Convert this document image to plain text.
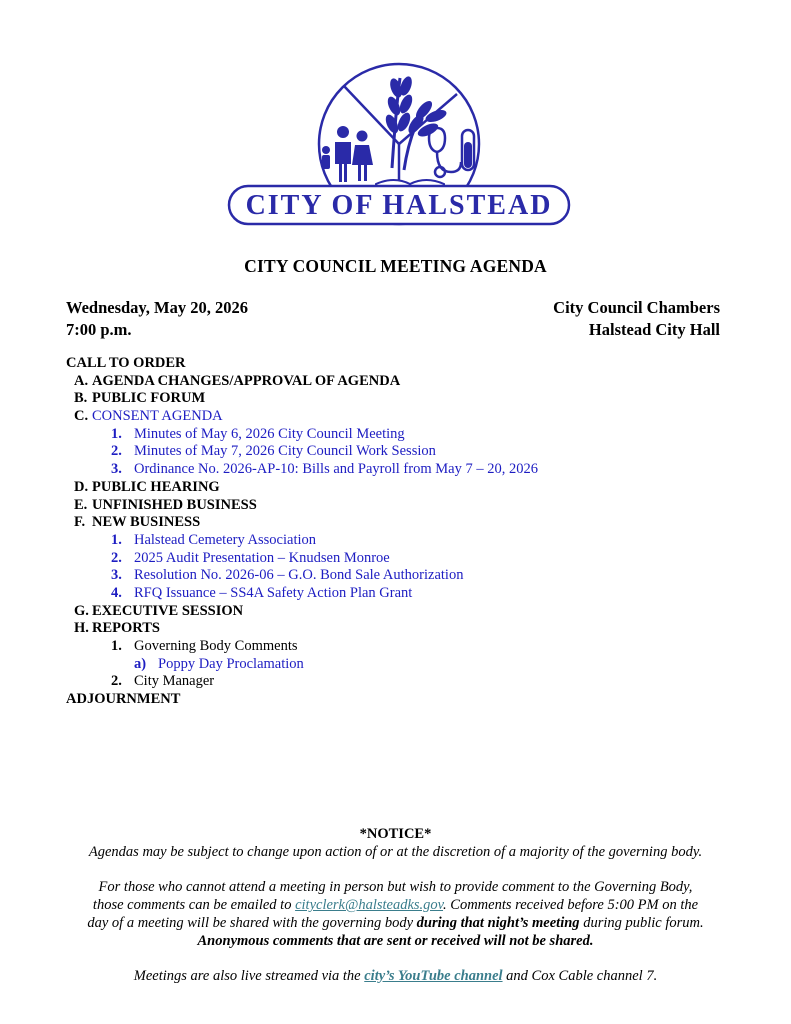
CITY OF HALSTEAD
CITY COUNCIL MEETING AGENDA
Wednesday, May 20, 2026
7:00 p.m.
City Council Chambers
Halstead City Hall
CALL TO ORDER
A. AGENDA CHANGES/APPROVAL OF AGENDA
B. PUBLIC FORUM
C. CONSENT AGENDA
1. Minutes of May 6, 2026 City Council Meeting
2. Minutes of May 7, 2026 City Council Work Session
3. Ordinance No. 2026-AP-10: Bills and Payroll from May 7 – 20, 2026
D. PUBLIC HEARING
E. UNFINISHED BUSINESS
F. NEW BUSINESS
1. Halstead Cemetery Association
2. 2025 Audit Presentation – Knudsen Monroe
3. Resolution No. 2026-06 – G.O. Bond Sale Authorization
4. RFQ Issuance – SS4A Safety Action Plan Grant
G. EXECUTIVE SESSION
H. REPORTS
1. Governing Body Comments
a) Poppy Day Proclamation
2. City Manager
ADJOURNMENT
*NOTICE*
Agendas may be subject to change upon action of or at the discretion of a majority of the governing body.
For those who cannot attend a meeting in person but wish to provide comment to the Governing Body,
those comments can be emailed to cityclerk@halsteadks.gov. Comments received before 5:00 PM on the
day of a meeting will be shared with the governing body during that night’s meeting during public forum.
Anonymous comments that are sent or received will not be shared.
Meetings are also live streamed via the city’s YouTube channel and Cox Cable channel 7.
